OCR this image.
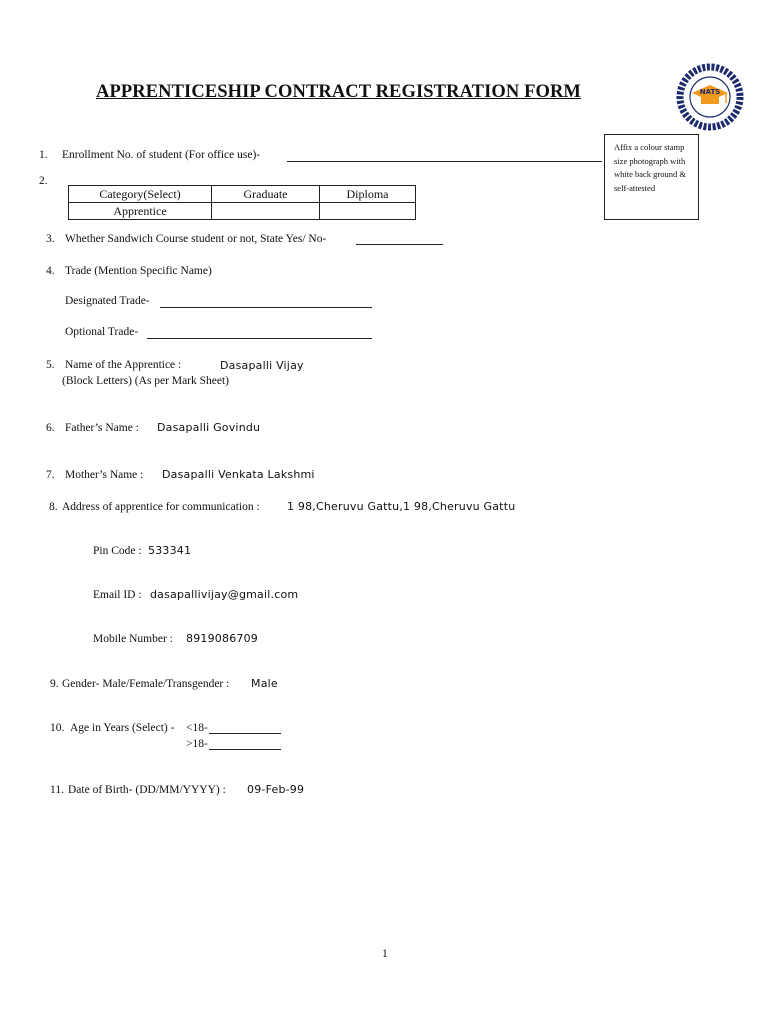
APPRENTICESHIP CONTRACT REGISTRATION FORM	NATS
Affix a colour stamp size photograph with white back ground & self-attested
1. Enrollment No. of student (For office use)-
2.
Category(Select)	Graduate	Diploma
Apprentice		
3. Whether Sandwich Course student or not, State Yes/ No-
4. Trade (Mention Specific Name)
Designated Trade-
Optional Trade-
5. Name of the Apprentice :	Dasapalli Vijay
(Block Letters) (As per Mark Sheet)
6. Father’s Name : Dasapalli Govindu
7. Mother’s Name : Dasapalli Venkata Lakshmi
8. Address of apprentice for communication : 1 98,Cheruvu Gattu,1 98,Cheruvu Gattu
Pin Code : 533341
Email ID : dasapallivijay@gmail.com
Mobile Number : 8919086709
9. Gender- Male/Female/Transgender : Male
10. Age in Years (Select) - <18-
>18-
11. Date of Birth- (DD/MM/YYYY) : 09-Feb-99
1
